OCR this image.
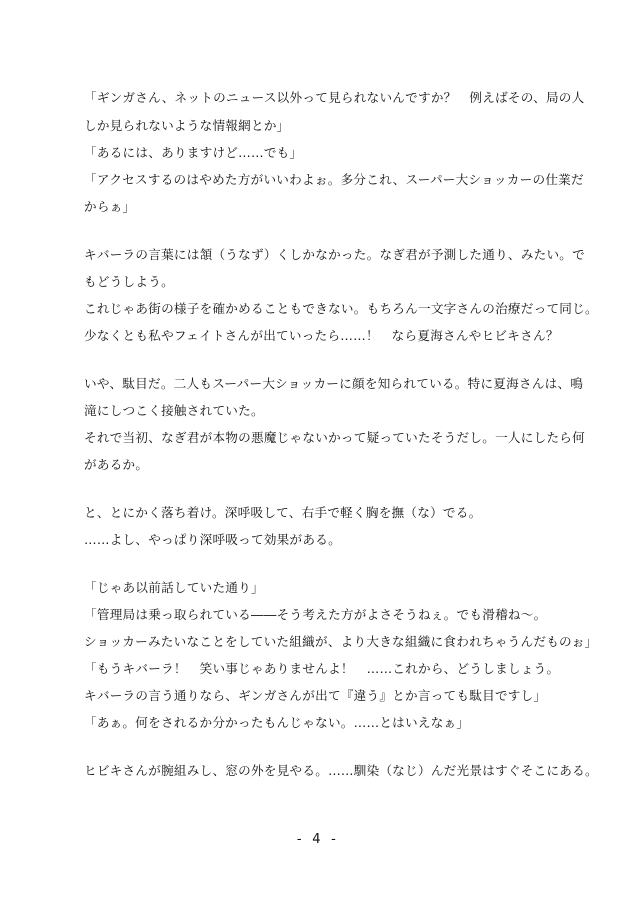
「ギンガさん、ネットのニュース以外って見られないんですか？　例えばその、局の人
しか見られないような情報網とか」
「あるには、ありますけど……でも」
「アクセスするのはやめた方がいいわよぉ。多分これ、スーパー大ショッカーの仕業だ
からぁ」
キバーラの言葉には頷（うなず）くしかなかった。なぎ君が予測した通り、みたい。で
もどうしよう。
これじゃあ街の様子を確かめることもできない。もちろん一文字さんの治療だって同じ。
少なくとも私やフェイトさんが出ていったら……！　なら夏海さんやヒビキさん？
いや、駄目だ。二人もスーパー大ショッカーに顔を知られている。特に夏海さんは、鳴
滝にしつこく接触されていた。
それで当初、なぎ君が本物の悪魔じゃないかって疑っていたそうだし。一人にしたら何
があるか。
と、とにかく落ち着け。深呼吸して、右手で軽く胸を撫（な）でる。
……よし、やっぱり深呼吸って効果がある。
「じゃあ以前話していた通り」
「管理局は乗っ取られている――そう考えた方がよさそうねぇ。でも滑稽ね～。
ショッカーみたいなことをしていた組織が、より大きな組織に食われちゃうんだものぉ」
「もうキバーラ！　笑い事じゃありませんよ！　……これから、どうしましょう。
キバーラの言う通りなら、ギンガさんが出て『違う』とか言っても駄目ですし」
「あぁ。何をされるか分かったもんじゃない。……とはいえなぁ」
ヒビキさんが腕組みし、窓の外を見やる。……馴染（なじ）んだ光景はすぐそこにある。
- 4 -
